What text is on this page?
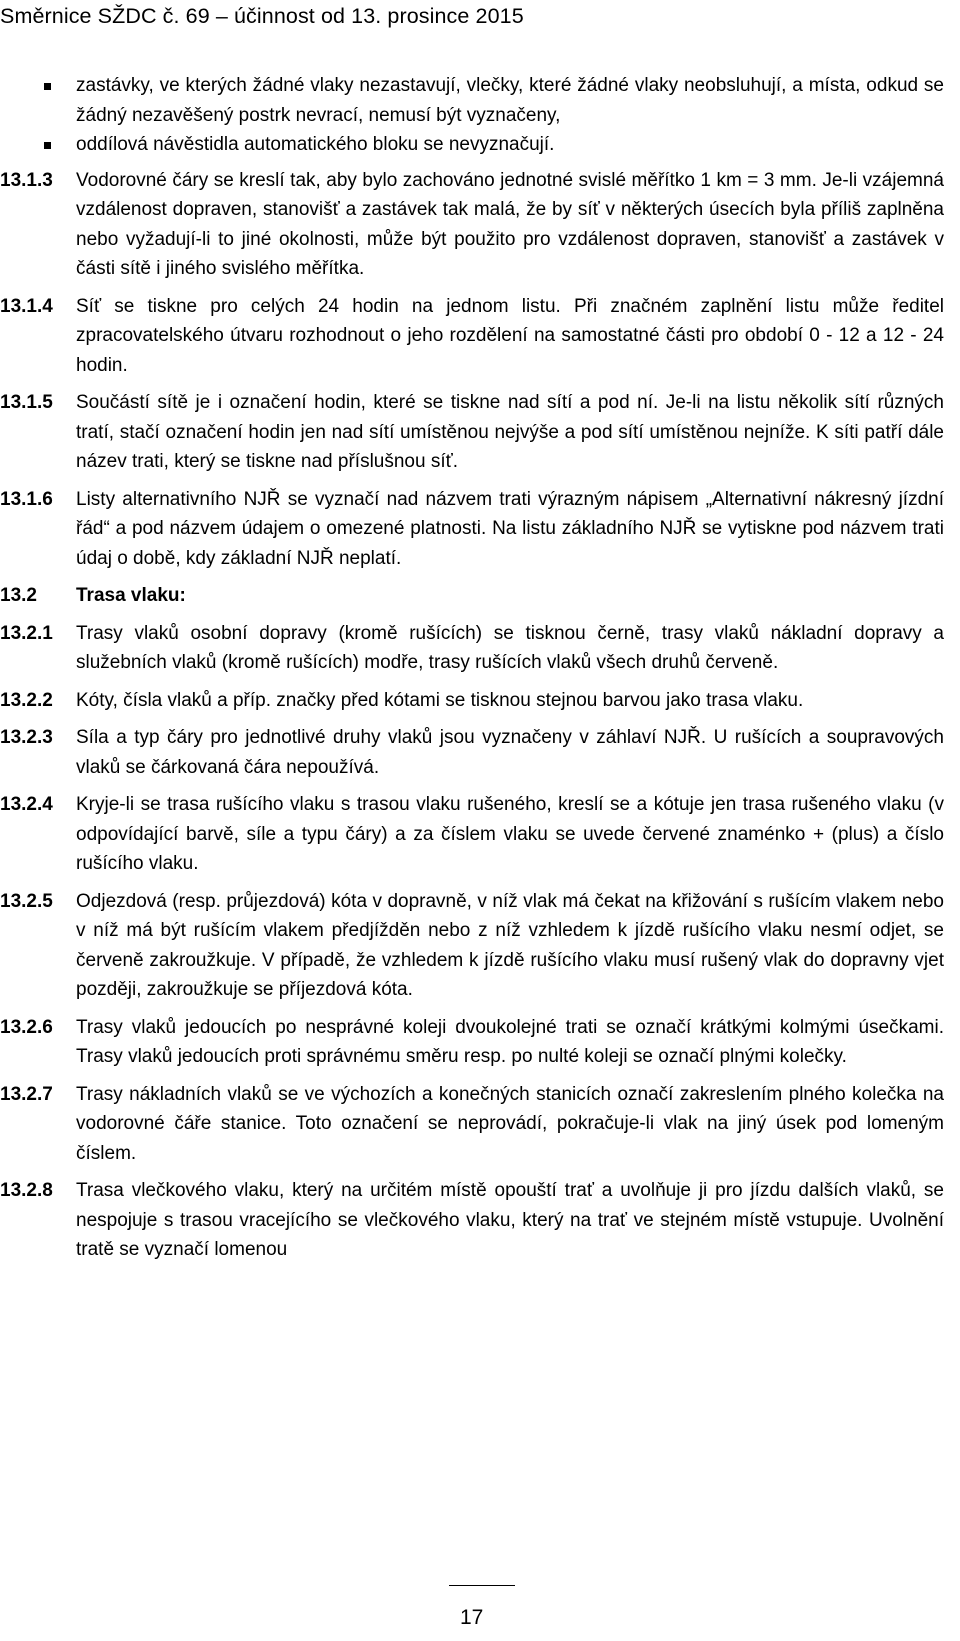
Směrnice SŽDC č. 69 – účinnost od 13. prosince 2015
zastávky, ve kterých žádné vlaky nezastavují, vlečky, které žádné vlaky neobsluhují, a místa, odkud se žádný nezavěšený postrk nevrací, nemusí být vyznačeny,
oddílová návěstidla automatického bloku se nevyznačují.
13.1.3	Vodorovné čáry se kreslí tak, aby bylo zachováno jednotné svislé měřítko 1 km = 3 mm. Je-li vzájemná vzdálenost dopraven, stanovišť a zastávek tak malá, že by síť v některých úsecích byla příliš zaplněna nebo vyžadují-li to jiné okolnosti, může být použito pro vzdálenost dopraven, stanovišť a zastávek v části sítě i jiného svislého měřítka.
13.1.4	Síť se tiskne pro celých 24 hodin na jednom listu. Při značném zaplnění listu může ředitel zpracovatelského útvaru rozhodnout o jeho rozdělení na samostatné části pro období 0 - 12 a 12 - 24 hodin.
13.1.5	Součástí sítě je i označení hodin, které se tiskne nad sítí a pod ní. Je-li na listu několik sítí různých tratí, stačí označení hodin jen nad sítí umístěnou nejvýše a pod sítí umístěnou nejníže. K síti patří dále název trati, který se tiskne nad příslušnou síť.
13.1.6	Listy alternativního NJŘ se vyznačí nad názvem trati výrazným nápisem „Alternativní nákresný jízdní řád“ a pod názvem údajem o omezené platnosti. Na listu základního NJŘ se vytiskne pod názvem trati údaj o době, kdy základní NJŘ neplatí.
13.2	Trasa vlaku:
13.2.1	Trasy vlaků osobní dopravy (kromě rušících) se tisknou černě, trasy vlaků nákladní dopravy a služebních vlaků (kromě rušících) modře, trasy rušících vlaků všech druhů červeně.
13.2.2	Kóty, čísla vlaků a příp. značky před kótami se tisknou stejnou barvou jako trasa vlaku.
13.2.3	Síla a typ čáry pro jednotlivé druhy vlaků jsou vyznačeny v záhlaví NJŘ. U rušících a soupravových vlaků se čárkovaná čára nepoužívá.
13.2.4	Kryje-li se trasa rušícího vlaku s trasou vlaku rušeného, kreslí se a kótuje jen trasa rušeného vlaku (v odpovídající barvě, síle a typu čáry) a za číslem vlaku se uvede červené znaménko + (plus) a číslo rušícího vlaku.
13.2.5	Odjezdová (resp. průjezdová) kóta v dopravně, v níž vlak má čekat na křižování s rušícím vlakem nebo v níž má být rušícím vlakem předjížděn nebo z níž vzhledem k jízdě rušícího vlaku nesmí odjet, se červeně zakroužkuje. V případě, že vzhledem k jízdě rušícího vlaku musí rušený vlak do dopravny vjet později, zakroužkuje se příjezdová kóta.
13.2.6	Trasy vlaků jedoucích po nesprávné koleji dvoukolejné trati se označí krátkými kolmými úsečkami. Trasy vlaků jedoucích proti správnému směru resp. po nulté koleji se označí plnými kolečky.
13.2.7	Trasy nákladních vlaků se ve výchozích a konečných stanicích označí zakreslením plného kolečka na vodorovné čáře stanice. Toto označení se neprovádí, pokračuje-li vlak na jiný úsek pod lomeným číslem.
13.2.8	Trasa vlečkového vlaku, který na určitém místě opouští trať a uvolňuje ji pro jízdu dalších vlaků, se nespojuje s trasou vracejícího se vlečkového vlaku, který na trať ve stejném místě vstupuje. Uvolnění tratě se vyznačí lomenou
17
